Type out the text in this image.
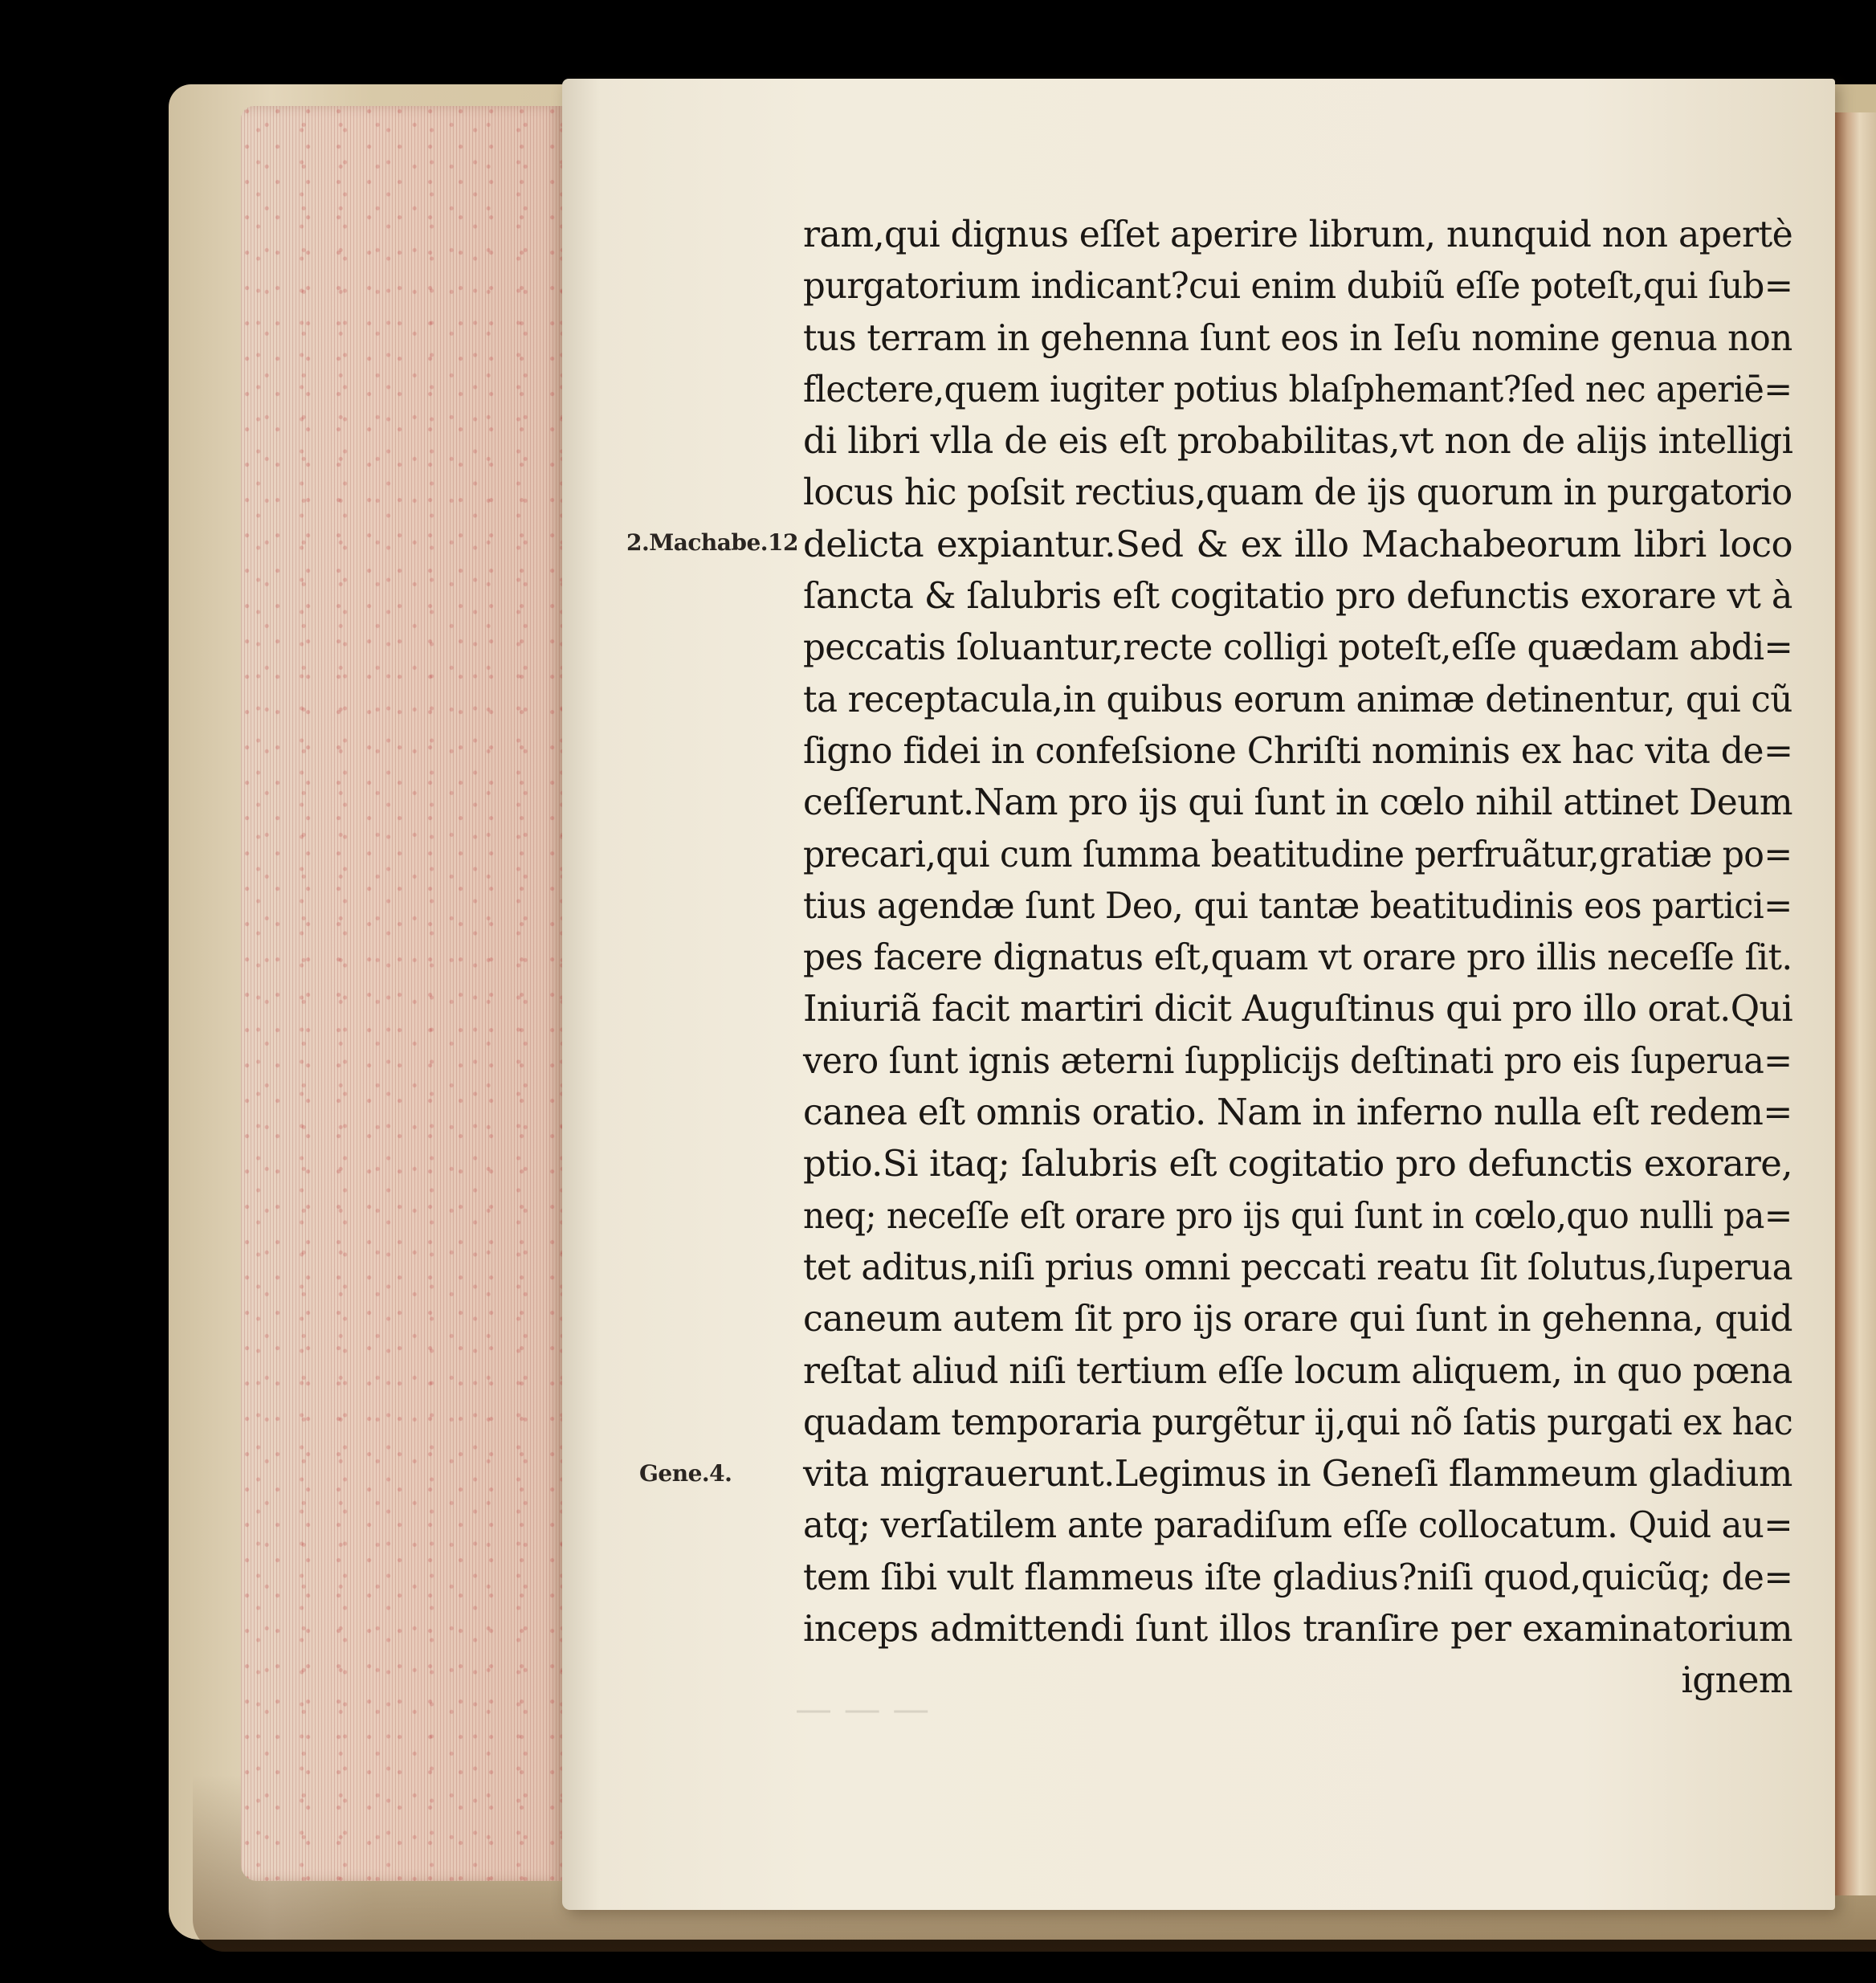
— — —
2.Machabe.12
Gene.4.
ram,qui dignus eſſet aperire librum, nunquid non apertè
purgatorium indicant?cui enim dubiũ eſſe poteſt,qui ſub=
tus terram in gehenna ſunt eos in Ieſu nomine genua non
flectere,quem iugiter potius blaſphemant?ſed nec aperiē=
di libri vlla de eis eſt probabilitas,vt non de alijs intelligi
locus hic poſsit rectius,quam de ijs quorum in purgatorio
delicta expiantur.Sed & ex illo Machabeorum libri loco
ſancta & ſalubris eſt cogitatio pro defunctis exorare vt à
peccatis ſoluantur,recte colligi poteſt,eſſe quædam abdi=
ta receptacula,in quibus eorum animæ detinentur, qui cũ
ſigno fidei in confeſsione Chriſti nominis ex hac vita de=
ceſſerunt.Nam pro ijs qui ſunt in cœlo nihil attinet Deum
precari,qui cum ſumma beatitudine perfruãtur,gratiæ po=
tius agendæ ſunt Deo, qui tantæ beatitudinis eos partici=
pes facere dignatus eſt,quam vt orare pro illis neceſſe ſit.
Iniuriã facit martiri dicit Auguſtinus qui pro illo orat.Qui
vero ſunt ignis æterni ſupplicijs deſtinati pro eis ſuperua=
canea eſt omnis oratio. Nam in inferno nulla eſt redem=
ptio.Si itaq; ſalubris eſt cogitatio pro defunctis exorare,
neq; neceſſe eſt orare pro ijs qui ſunt in cœlo,quo nulli pa=
tet aditus,niſi prius omni peccati reatu ſit ſolutus,ſuperua
caneum autem ſit pro ijs orare qui ſunt in gehenna, quid
reſtat aliud niſi tertium eſſe locum aliquem, in quo pœna
quadam temporaria purgẽtur ij,qui nõ ſatis purgati ex hac
vita migrauerunt.Legimus in Geneſi flammeum gladium
atq; verſatilem ante paradiſum eſſe collocatum. Quid au=
tem ſibi vult flammeus iſte gladius?niſi quod,quicũq; de=
inceps admittendi ſunt illos tranſire per examinatorium
ignem
